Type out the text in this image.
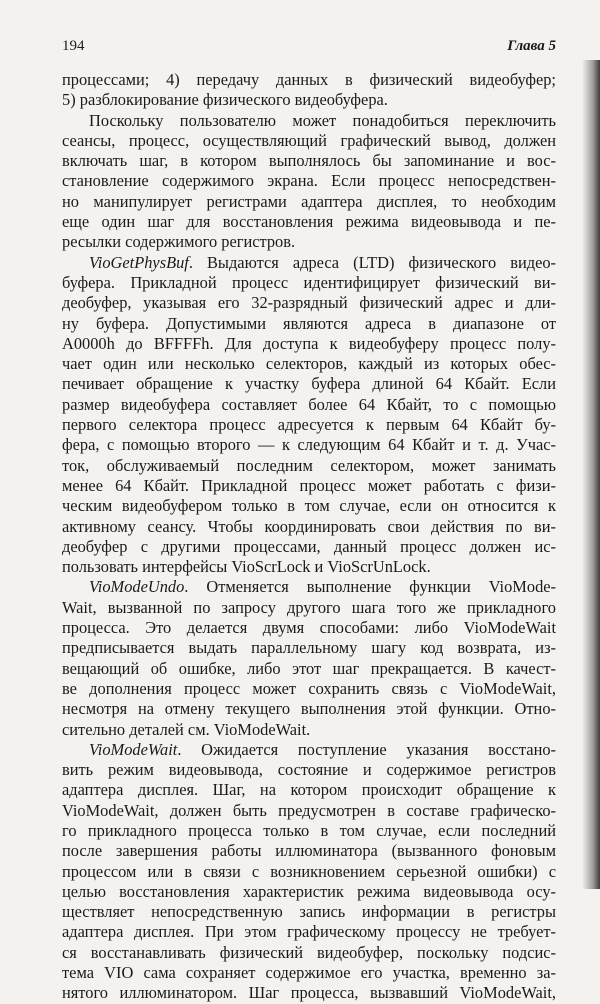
194	Глава 5
процессами; 4) передачу данных в физический видеобуфер;
5) разблокирование физического видеобуфера.
Поскольку пользователю может понадобиться переключить
сеансы, процесс, осуществляющий графический вывод, должен
включать шаг, в котором выполнялось бы запоминание и вос-
становление содержимого экрана. Если процесс непосредствен-
но манипулирует регистрами адаптера дисплея, то необходим
еще один шаг для восстановления режима видеовывода и пе-
ресылки содержимого регистров.
VioGetPhysBuf. Выдаются адреса (LTD) физического видео-
буфера. Прикладной процесс идентифицирует физический ви-
деобуфер, указывая его 32-разрядный физический адрес и дли-
ну буфера. Допустимыми являются адреса в диапазоне от
A0000h до BFFFFh. Для доступа к видеобуферу процесс полу-
чает один или несколько селекторов, каждый из которых обес-
печивает обращение к участку буфера длиной 64 Кбайт. Если
размер видеобуфера составляет более 64 Кбайт, то с помощью
первого селектора процесс адресуется к первым 64 Кбайт бу-
фера, с помощью второго — к следующим 64 Кбайт и т. д. Учас-
ток, обслуживаемый последним селектором, может занимать
менее 64 Кбайт. Прикладной процесс может работать с физи-
ческим видеобуфером только в том случае, если он относится к
активному сеансу. Чтобы координировать свои действия по ви-
деобуфер с другими процессами, данный процесс должен ис-
пользовать интерфейсы VioScrLock и VioScrUnLock.
VioModeUndo. Отменяется выполнение функции VioMode-
Wait, вызванной по запросу другого шага того же прикладного
процесса. Это делается двумя способами: либо VioModeWait
предписывается выдать параллельному шагу код возврата, из-
вещающий об ошибке, либо этот шаг прекращается. В качест-
ве дополнения процесс может сохранить связь с VioModeWait,
несмотря на отмену текущего выполнения этой функции. Отно-
сительно деталей см. VioModeWait.
VioModeWait. Ожидается поступление указания восстано-
вить режим видеовывода, состояние и содержимое регистров
адаптера дисплея. Шаг, на котором происходит обращение к
VioModeWait, должен быть предусмотрен в составе графическо-
го прикладного процесса только в том случае, если последний
после завершения работы иллюминатора (вызванного фоновым
процессом или в связи с возникновением серьезной ошибки) с
целью восстановления характеристик режима видеовывода осу-
ществляет непосредственную запись информации в регистры
адаптера дисплея. При этом графическому процессу не требует-
ся восстанавливать физический видеобуфер, поскольку подсис-
тема VIO сама сохраняет содержимое его участка, временно за-
нятого иллюминатором. Шаг процесса, вызвавший VioModeWait,
